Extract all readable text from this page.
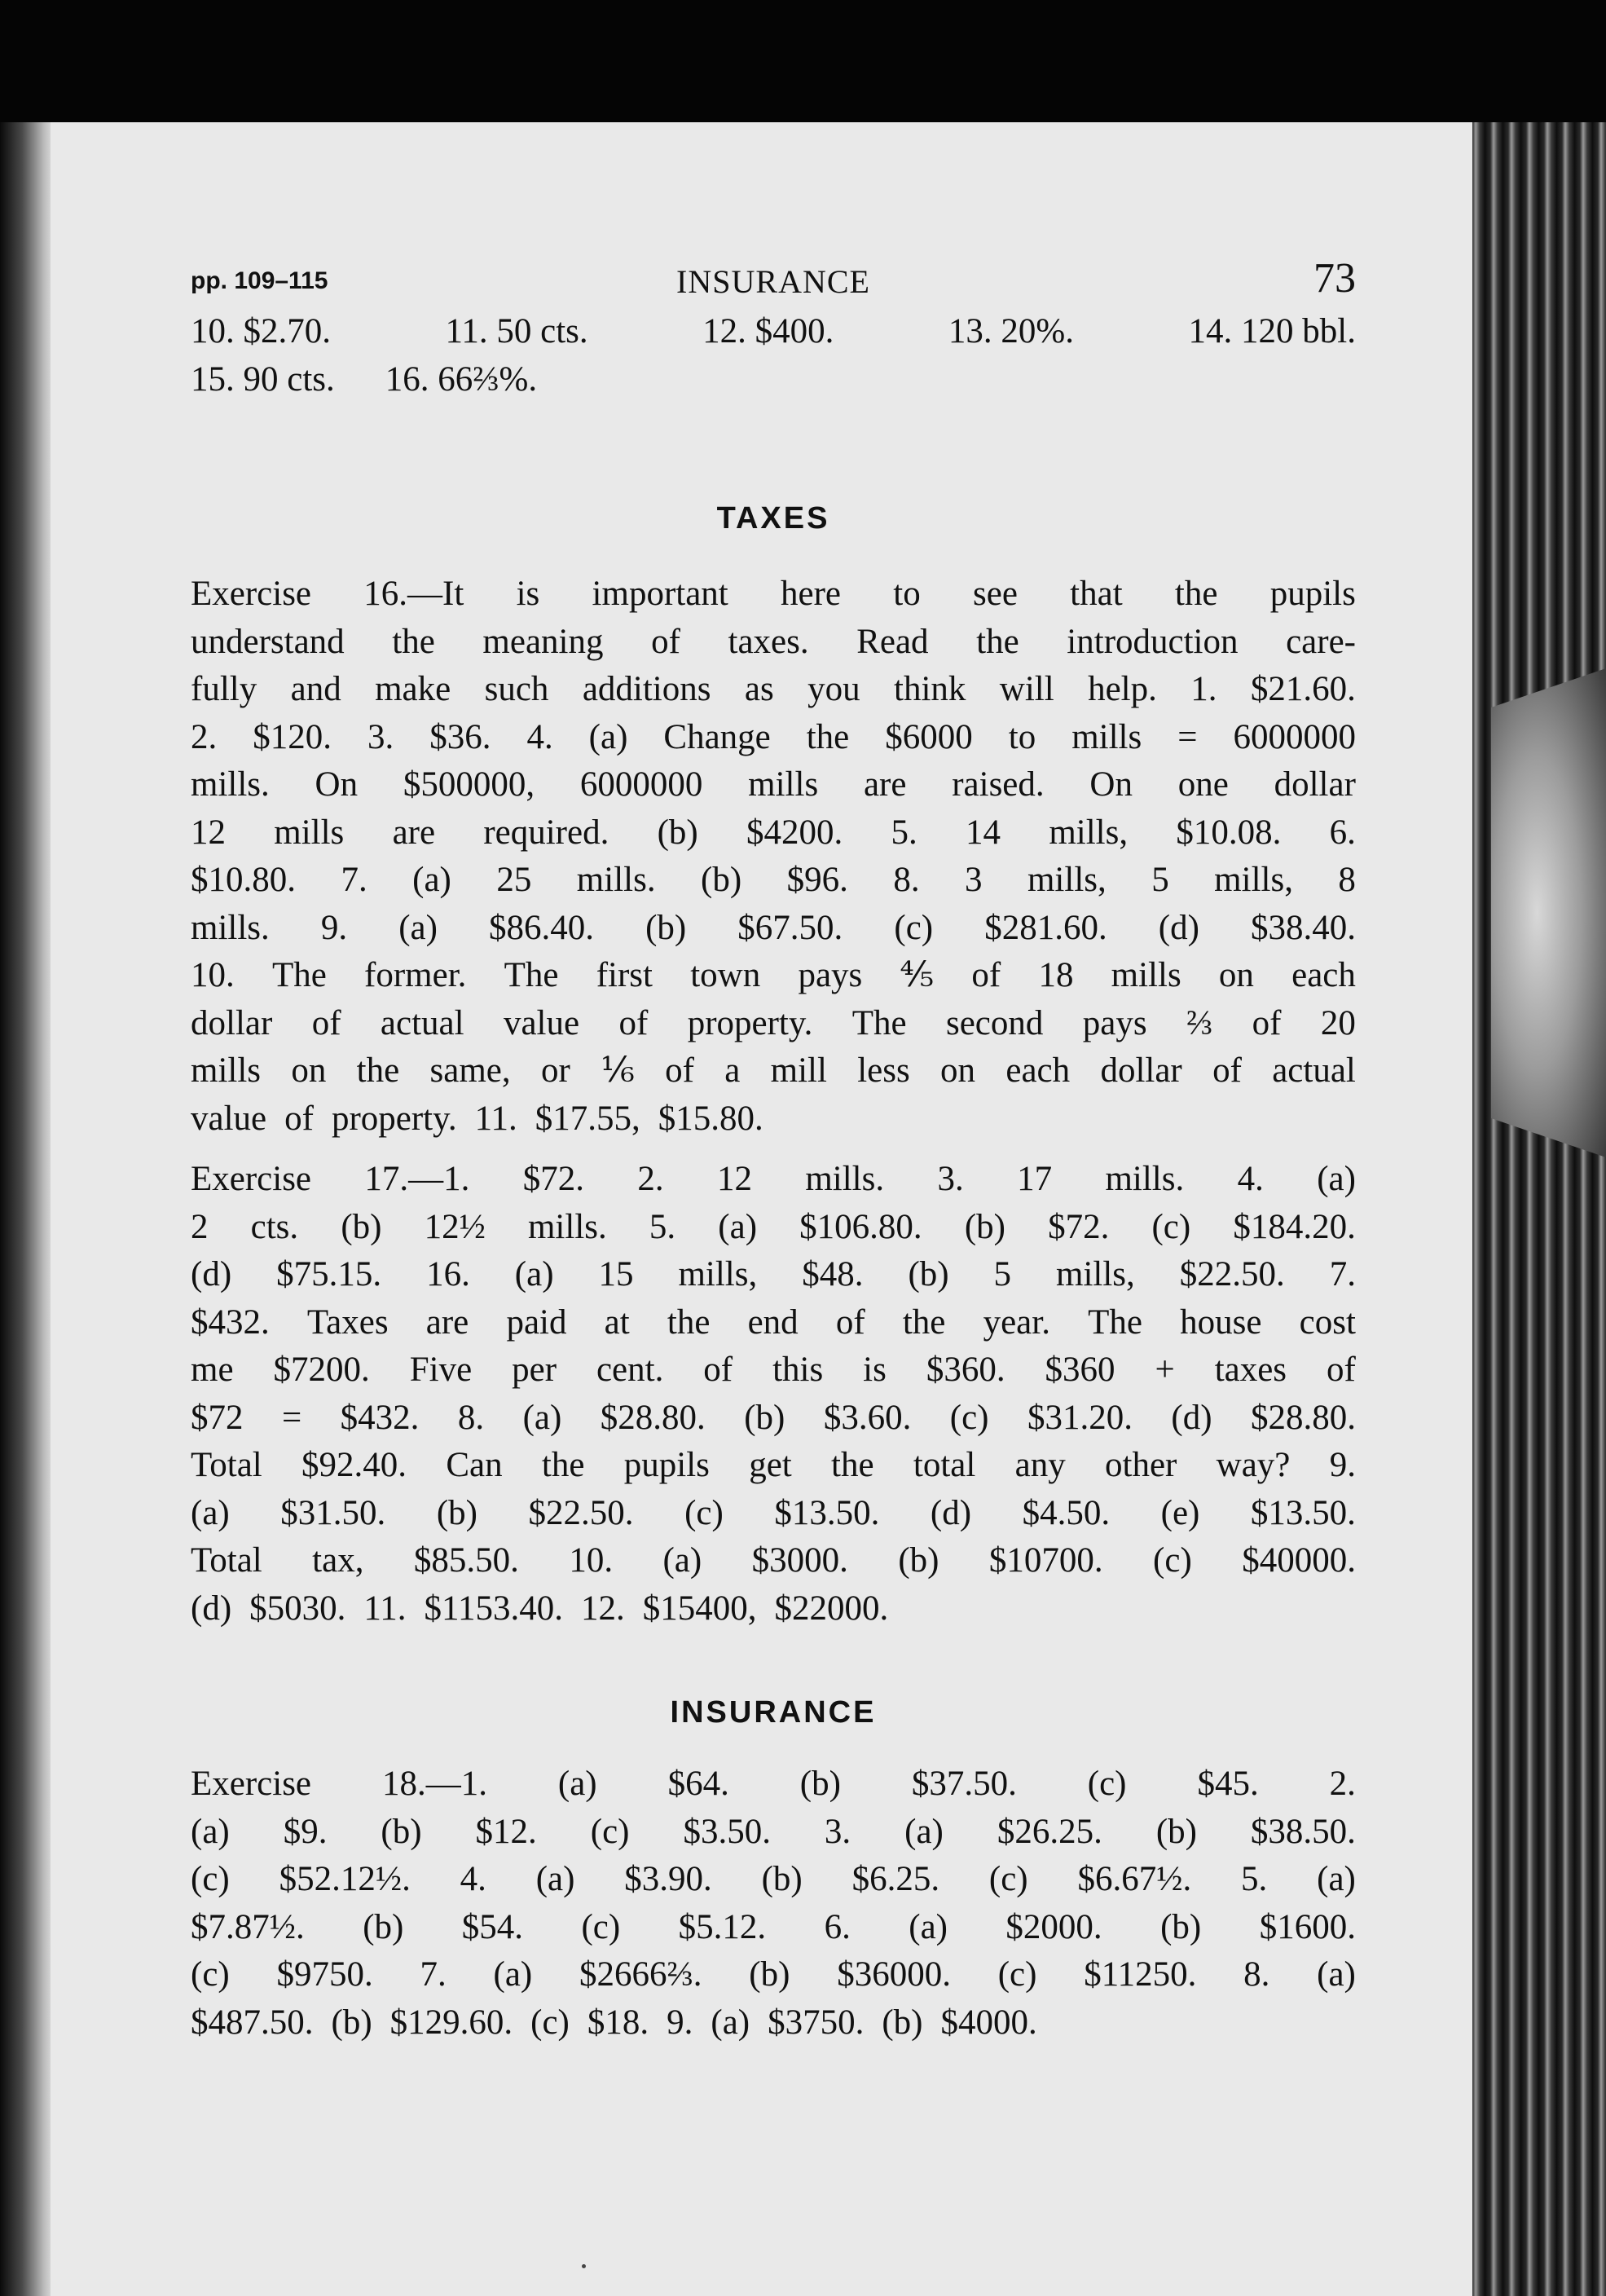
pp. 109–115	INSURANCE	73
10. $2.70.	11. 50 cts.	12. $400.	13. 20%.	14. 120 bbl.
15. 90 cts. 16. 66⅔%.
TAXES
Exercise 16.—It is important here to see that the pupils
understand the meaning of taxes. Read the introduction care-
fully and make such additions as you think will help. 1. $21.60.
2. $120. 3. $36. 4. (a) Change the $6000 to mills = 6000000
mills. On $500000, 6000000 mills are raised. On one dollar
12 mills are required. (b) $4200. 5. 14 mills, $10.08. 6.
$10.80. 7. (a) 25 mills. (b) $96. 8. 3 mills, 5 mills, 8
mills. 9. (a) $86.40. (b) $67.50. (c) $281.60. (d) $38.40.
10. The former. The first town pays ⅘ of 18 mills on each
dollar of actual value of property. The second pays ⅔ of 20
mills on the same, or ⅙ of a mill less on each dollar of actual
value of property. 11. $17.55, $15.80.
Exercise 17.—1. $72. 2. 12 mills. 3. 17 mills. 4. (a)
2 cts. (b) 12½ mills. 5. (a) $106.80. (b) $72. (c) $184.20.
(d) $75.15. 16. (a) 15 mills, $48. (b) 5 mills, $22.50. 7.
$432. Taxes are paid at the end of the year. The house cost
me $7200. Five per cent. of this is $360. $360 + taxes of
$72 = $432. 8. (a) $28.80. (b) $3.60. (c) $31.20. (d) $28.80.
Total $92.40. Can the pupils get the total any other way? 9.
(a) $31.50. (b) $22.50. (c) $13.50. (d) $4.50. (e) $13.50.
Total tax, $85.50. 10. (a) $3000. (b) $10700. (c) $40000.
(d) $5030. 11. $1153.40. 12. $15400, $22000.
INSURANCE
Exercise 18.—1. (a) $64. (b) $37.50. (c) $45. 2.
(a) $9. (b) $12. (c) $3.50. 3. (a) $26.25. (b) $38.50.
(c) $52.12½. 4. (a) $3.90. (b) $6.25. (c) $6.67½. 5. (a)
$7.87½. (b) $54. (c) $5.12. 6. (a) $2000. (b) $1600.
(c) $9750. 7. (a) $2666⅔. (b) $36000. (c) $11250. 8. (a)
$487.50. (b) $129.60. (c) $18. 9. (a) $3750. (b) $4000.
